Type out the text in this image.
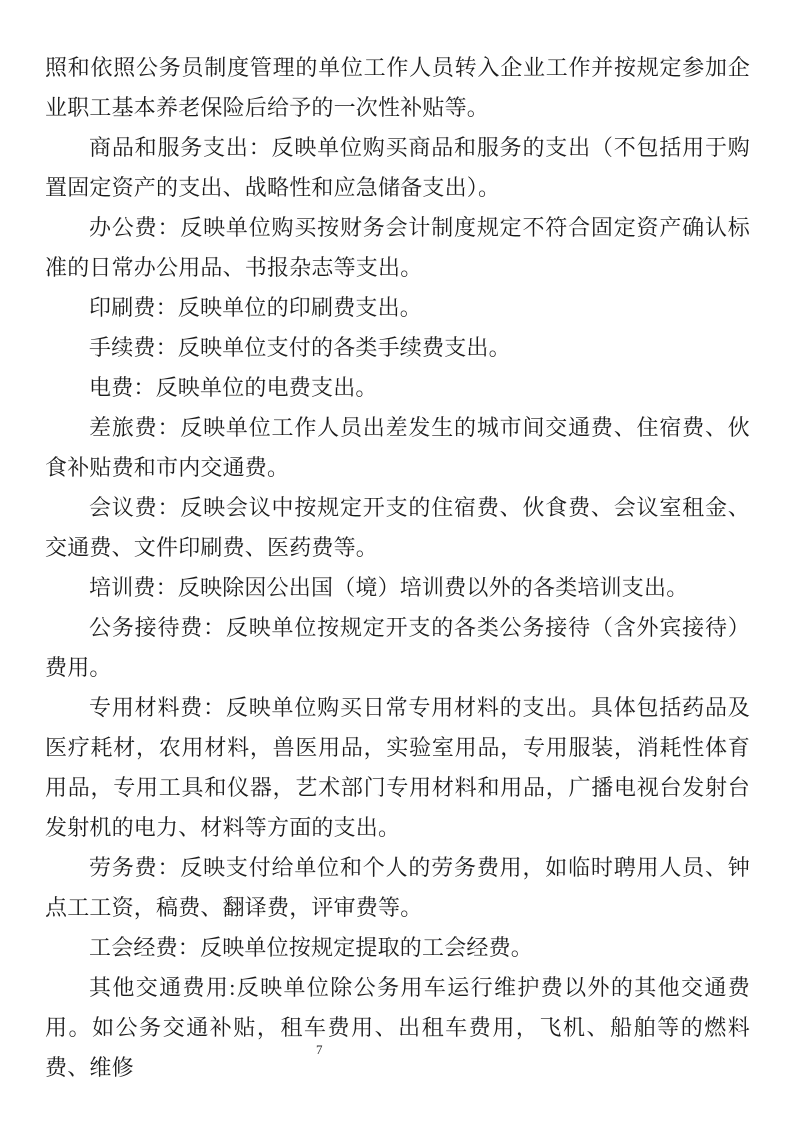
照和依照公务员制度管理的单位工作人员转入企业工作并按规定参加企业职工基本养老保险后给予的一次性补贴等。

商品和服务支出：反映单位购买商品和服务的支出（不包括用于购置固定资产的支出、战略性和应急储备支出）。

办公费：反映单位购买按财务会计制度规定不符合固定资产确认标准的日常办公用品、书报杂志等支出。

印刷费：反映单位的印刷费支出。

手续费：反映单位支付的各类手续费支出。

电费：反映单位的电费支出。

差旅费：反映单位工作人员出差发生的城市间交通费、住宿费、伙食补贴费和市内交通费。

会议费：反映会议中按规定开支的住宿费、伙食费、会议室租金、交通费、文件印刷费、医药费等。

培训费：反映除因公出国（境）培训费以外的各类培训支出。

公务接待费：反映单位按规定开支的各类公务接待（含外宾接待）费用。

专用材料费：反映单位购买日常专用材料的支出。具体包括药品及医疗耗材，农用材料，兽医用品，实验室用品，专用服装，消耗性体育用品，专用工具和仪器，艺术部门专用材料和用品，广播电视台发射台发射机的电力、材料等方面的支出。

劳务费：反映支付给单位和个人的劳务费用，如临时聘用人员、钟点工工资，稿费、翻译费，评审费等。

工会经费：反映单位按规定提取的工会经费。

其他交通费用:反映单位除公务用车运行维护费以外的其他交通费用。如公务交通补贴，租车费用、出租车费用，飞机、船舶等的燃料费、维修

7
